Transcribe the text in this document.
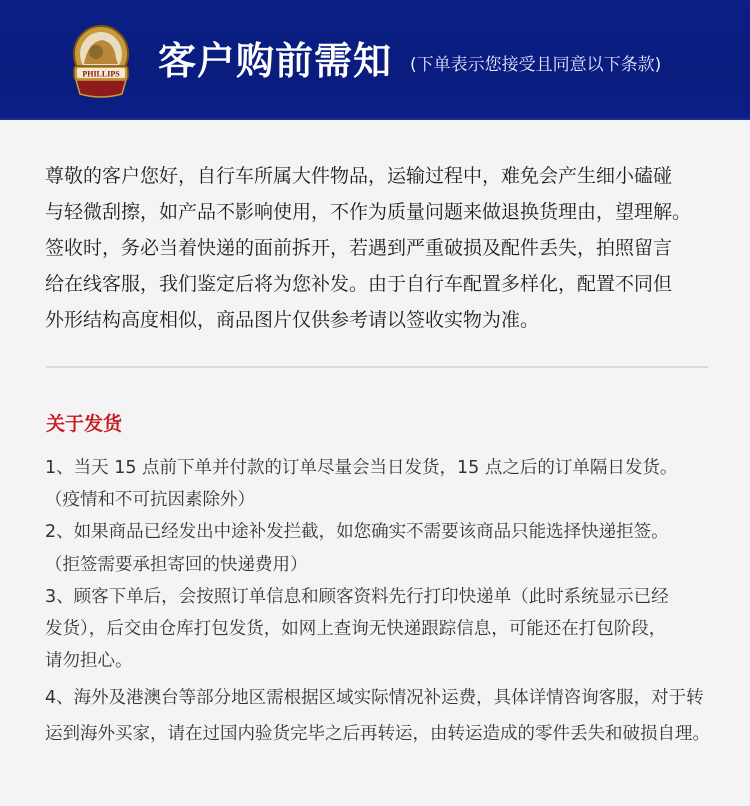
PHILLIPS 客户购前需知 (下单表示您接受且同意以下条款)
尊敬的客户您好，自行车所属大件物品，运输过程中，难免会产生细小磕碰
与轻微刮擦，如产品不影响使用，不作为质量问题来做退换货理由，望理解。
签收时，务必当着快递的面前拆开，若遇到严重破损及配件丢失，拍照留言
给在线客服，我们鉴定后将为您补发。由于自行车配置多样化，配置不同但
外形结构高度相似，商品图片仅供参考请以签收实物为准。
关于发货

1、当天 15 点前下单并付款的订单尽量会当日发货，15 点之后的订单隔日发货。

（疫情和不可抗因素除外）

2、如果商品已经发出中途补发拦截，如您确实不需要该商品只能选择快递拒签。

（拒签需要承担寄回的快递费用）

3、顾客下单后，会按照订单信息和顾客资料先行打印快递单（此时系统显示已经

发货），后交由仓库打包发货，如网上查询无快递跟踪信息，可能还在打包阶段，

请勿担心。

4、海外及港澳台等部分地区需根据区域实际情况补运费，具体详情咨询客服，对于转
运到海外买家，请在过国内验货完毕之后再转运，由转运造成的零件丢失和破损自理。
